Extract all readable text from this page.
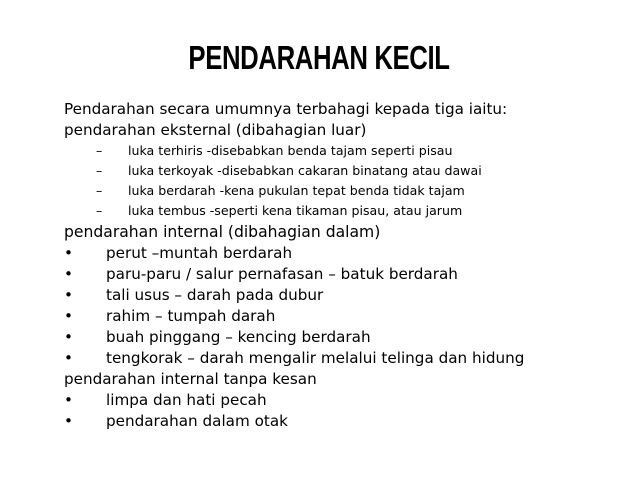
PENDARAHAN KECIL
Pendarahan secara umumnya terbahagi kepada tiga iaitu:
pendarahan eksternal (dibahagian luar)
– luka terhiris -disebabkan benda tajam seperti pisau
– luka terkoyak -disebabkan cakaran binatang atau dawai
– luka berdarah -kena pukulan tepat benda tidak tajam
– luka tembus -seperti kena tikaman pisau, atau jarum
pendarahan internal (dibahagian dalam)
• perut –muntah berdarah
• paru-paru / salur pernafasan – batuk berdarah
• tali usus – darah pada dubur
• rahim – tumpah darah
• buah pinggang – kencing berdarah
• tengkorak – darah mengalir melalui telinga dan hidung
pendarahan internal tanpa kesan
• limpa dan hati pecah
• pendarahan dalam otak
